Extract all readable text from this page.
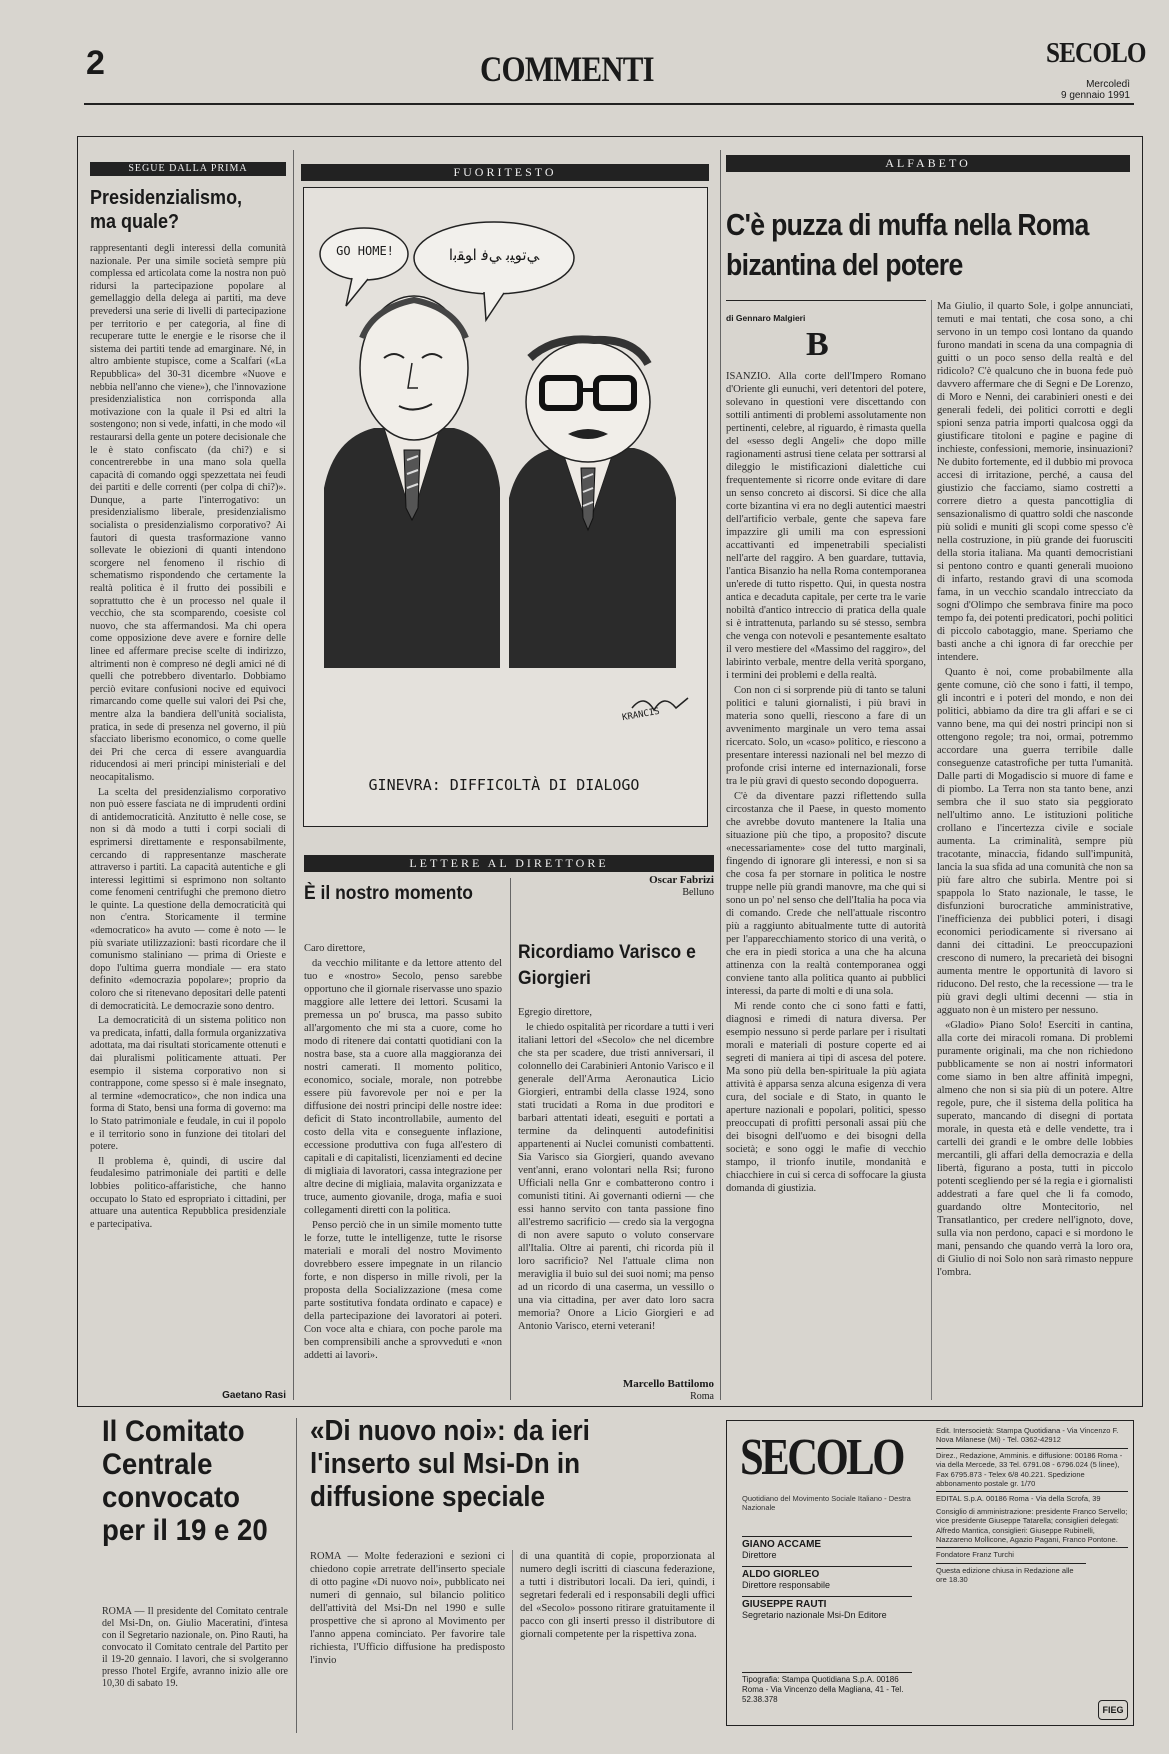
2	COMMENTI	SECOLO
Mercoledì
9 gennaio 1991
SEGUE DALLA PRIMA
Presidenzialismo, ma quale?

rappresentanti degli interessi della comunità nazionale. Per una simile società sempre più complessa ed articolata come la nostra non può ridursi la partecipazione popolare al gemellaggio della delega ai partiti, ma deve prevedersi una serie di livelli di partecipazione per territorio e per categoria, al fine di recuperare tutte le energie e le risorse che il sistema dei partiti tende ad emarginare. Né, in altro ambiente stupisce, come a Scalfari («La Repubblica» del 30-31 dicembre «Nuove e nebbia nell'anno che viene»), che l'innovazione presidenzialistica non corrisponda alla motivazione con la quale il Psi ed altri la sostengono; non si vede, infatti, in che modo «il restaurarsi della gente un potere decisionale che le è stato confiscato (da chi?) e si concentrerebbe in una mano sola quella capacità di comando oggi spezzettata nei feudi dei partiti e delle correnti (per colpa di chi?)». Dunque, a parte l'interrogativo: un presidenzialismo liberale, presidenzialismo socialista o presidenzialismo corporativo? Ai fautori di questa trasformazione vanno sollevate le obiezioni di quanti intendono scorgere nel fenomeno il rischio di schematismo rispondendo che certamente la realtà politica è il frutto dei possibili e soprattutto che è un processo nel quale il vecchio, che sta scomparendo, coesiste col nuovo, che sta affermandosi. Ma chi opera come opposizione deve avere e fornire delle linee ed affermare precise scelte di indirizzo, altrimenti non è compreso né degli amici né di quelli che potrebbero diventarlo. Dobbiamo perciò evitare confusioni nocive ed equivoci rimarcando come quelle sui valori dei Psi che, mentre alza la bandiera dell'unità socialista, pratica, in sede di presenza nel governo, il più sfacciato liberismo economico, o come quelle dei Pri che cerca di essere avanguardia riducendosi ai meri principi ministeriali e del neocapitalismo.

La scelta del presidenzialismo corporativo non può essere fasciata ne di imprudenti ordini di antidemocraticità. Anzitutto è nelle cose, se non si dà modo a tutti i corpi sociali di esprimersi direttamente e responsabilmente, cercando di rappresentanze mascherate attraverso i partiti. La capacità autentiche e gli interessi legittimi si esprimono non soltanto come fenomeni centrifughi che premono dietro le quinte. La questione della democraticità qui non c'entra. Storicamente il termine «democratico» ha avuto — come è noto — le più svariate utilizzazioni: basti ricordare che il comunismo staliniano — prima di Orieste e dopo l'ultima guerra mondiale — era stato definito «democrazia popolare»; proprio da coloro che si ritenevano depositari delle patenti di democraticità. Le democrazie sono dentro.

La democraticità di un sistema politico non va predicata, infatti, dalla formula organizzativa adottata, ma dai risultati storicamente ottenuti e dai pluralismi politicamente attuati. Per esempio il sistema corporativo non si contrappone, come spesso si è male insegnato, al termine «democratico», che non indica una forma di Stato, bensì una forma di governo: ma lo Stato patrimoniale e feudale, in cui il popolo e il territorio sono in funzione dei titolari del potere.

Il problema è, quindi, di uscire dal feudalesimo patrimoniale dei partiti e delle lobbies politico-affaristiche, che hanno occupato lo Stato ed espropriato i cittadini, per attuare una autentica Repubblica presidenziale e partecipativa.

Gaetano Rasi
FUORITESTO
GO HOME!	ﻲﺗﻮﻴﺑ ﻲﻓ ﺍﻮﻘﺑﺍ
KRANCIS
GINEVRA: DIFFICOLTÀ DI DIALOGO
LETTERE AL DIRETTORE
È il nostro momento

Caro direttore,

da vecchio militante e da lettore attento del tuo e «nostro» Secolo, penso sarebbe opportuno che il giornale riservasse uno spazio maggiore alle lettere dei lettori. Scusami la premessa un po' brusca, ma passo subito all'argomento che mi sta a cuore, come ho modo di ritenere dai contatti quotidiani con la nostra base, sta a cuore alla maggioranza dei nostri camerati. Il momento politico, economico, sociale, morale, non potrebbe essere più favorevole per noi e per la diffusione dei nostri principi delle nostre idee: deficit di Stato incontrollabile, aumento del costo della vita e conseguente inflazione, eccessione produttiva con fuga all'estero di capitali e di capitalisti, licenziamenti ed decine di migliaia di lavoratori, cassa integrazione per altre decine di migliaia, malavita organizzata e truce, aumento giovanile, droga, mafia e suoi collegamenti diretti con la politica.

Penso perciò che in un simile momento tutte le forze, tutte le intelligenze, tutte le risorse materiali e morali del nostro Movimento dovrebbero essere impegnate in un rilancio forte, e non disperso in mille rivoli, per la proposta della Socializzazione (mesa come parte sostitutiva fondata ordinato e capace) e della partecipazione dei lavoratori ai poteri. Con voce alta e chiara, con poche parole ma ben comprensibili anche a sprovveduti e «non addetti ai lavori».

Oscar Fabrizi
Belluno
Ricordiamo Varisco e Giorgieri

Egregio direttore,

le chiedo ospitalità per ricordare a tutti i veri italiani lettori del «Secolo» che nel dicembre che sta per scadere, due tristi anniversari, il colonnello dei Carabinieri Antonio Varisco e il generale dell'Arma Aeronautica Licio Giorgieri, entrambi della classe 1924, sono stati trucidati a Roma in due proditori e barbari attentati ideati, eseguiti e portati a termine da delinquenti autodefinitisi appartenenti ai Nuclei comunisti combattenti. Sia Varisco sia Giorgieri, quando avevano vent'anni, erano volontari nella Rsi; furono Ufficiali nella Gnr e combatterono contro i comunisti titini. Ai governanti odierni — che essi hanno servito con tanta passione fino all'estremo sacrificio — credo sia la vergogna di non avere saputo o voluto conservare all'Italia. Oltre ai parenti, chi ricorda più il loro sacrificio? Nel l'attuale clima non meraviglia il buio sul dei suoi nomi; ma penso ad un ricordo di una caserma, un vessillo o una via cittadina, per aver dato loro sacra memoria? Onore a Licio Giorgieri e ad Antonio Varisco, eterni veterani!

Marcello Battilomo
Roma
ALFABETO
C'è puzza di muffa nella Roma bizantina del potere
di Gennaro Malgieri
B

ISANZIO. Alla corte dell'Impero Romano d'Oriente gli eunuchi, veri detentori del potere, solevano in questioni vere discettando con sottili antimenti di problemi assolutamente non pertinenti, celebre, al riguardo, è rimasta quella del «sesso degli Angeli» che dopo mille ragionamenti astrusi tiene celata per sottrarsi al dileggio le mistificazioni dialettiche cui frequentemente si ricorre onde evitare di dare un senso concreto ai discorsi. Si dice che alla corte bizantina vi era no degli autentici maestri dell'artificio verbale, gente che sapeva fare impazzire gli umili ma con espressioni accattivanti ed impenetrabili specialisti nell'arte del raggiro. A ben guardare, tuttavia, l'antica Bisanzio ha nella Roma contemporanea un'erede di tutto rispetto. Qui, in questa nostra antica e decaduta capitale, per certe tra le varie nobiltà d'antico intreccio di pratica della quale si è intrattenuta, parlando su sé stesso, sembra che venga con notevoli e pesantemente esaltato il vero mestiere del «Massimo del raggiro», del labirinto verbale, mentre della verità sporgano, i termini dei problemi e della realtà.

Con non ci si sorprende più di tanto se taluni politici e taluni giornalisti, i più bravi in materia sono quelli, riescono a fare di un avvenimento marginale un vero tema assai ricercato. Solo, un «caso» politico, e riescono a presentare interessi nazionali nel bel mezzo di profonde crisi interne ed internazionali, forse tra le più gravi di questo secondo dopoguerra.

C'è da diventare pazzi riflettendo sulla circostanza che il Paese, in questo momento che avrebbe dovuto mantenere la Italia una situazione più che tipo, a proposito? discute «necessariamente» cose del tutto marginali, fingendo di ignorare gli interessi, e non si sa che cosa fa per stornare in politica le nostre truppe nelle più grandi manovre, ma che qui si sono un po' nel senso che dell'Italia ha poca via di comando. Crede che nell'attuale riscontro più a raggiunto abitualmente tutte di autorità per l'apparecchiamento storico di una verità, o che era in piedi storica a una che ha alcuna attinenza con la realtà contemporanea oggi conviene tanto alla politica quanto ai pubblici interessi, da parte di molti e di una sola.

Mi rende conto che ci sono fatti e fatti, diagnosi e rimedi di natura diversa. Per esempio nessuno si perde parlare per i risultati morali e materiali di posture coperte ed ai segreti di maniera ai tipi di ascesa del potere. Ma sono più della ben-spirituale la più agiata attività è apparsa senza alcuna esigenza di vera cura, del sociale e di Stato, in quanto le aperture nazionali e popolari, politici, spesso preoccupati di profitti personali assai più che dei bisogni dell'uomo e dei bisogni della società; e sono oggi le mafie di vecchio stampo, il trionfo inutile, mondanità e chiacchiere in cui si cerca di soffocare la giusta domanda di giustizia.

Ma Giulio, il quarto Sole, i golpe annunciati, temuti e mai tentati, che cosa sono, a chi servono in un tempo così lontano da quando furono mandati in scena da una compagnia di guitti o un poco senso della realtà e del ridicolo? C'è qualcuno che in buona fede può davvero affermare che di Segni e De Lorenzo, di Moro e Nenni, dei carabinieri onesti e dei generali fedeli, dei politici corrotti e degli spioni senza patria importi qualcosa oggi da giustificare titoloni e pagine e pagine di inchieste, confessioni, memorie, insinuazioni? Ne dubito fortemente, ed il dubbio mi provoca accesi di irritazione, perché, a causa del giustizio che facciamo, siamo costretti a correre dietro a questa pancottiglia di sensazionalismo di quattro soldi che nasconde più solidi e muniti gli scopi come spesso c'è nella costruzione, in più grande dei fuorusciti della storia italiana. Ma quanti democristiani si pentono contro e quanti generali muoiono di infarto, restando gravi di una scomoda fama, in un vecchio scandalo intrecciato da sogni d'Olimpo che sembrava finire ma poco tempo fa, dei potenti predicatori, pochi politici di piccolo cabotaggio, mane. Speriamo che basti anche a chi ignora di far orecchie per intendere.

Quanto è noi, come probabilmente alla gente comune, ciò che sono i fatti, il tempo, gli incontri e i poteri del mondo, e non dei politici, abbiamo da dire tra gli affari e se ci vanno bene, ma qui dei nostri principi non si ottengono regole; tra noi, ormai, potremmo accordare una guerra terribile dalle conseguenze catastrofiche per tutta l'umanità. Dalle parti di Mogadiscio si muore di fame e di piombo. La Terra non sta tanto bene, anzi sembra che il suo stato sia peggiorato nell'ultimo anno. Le istituzioni politiche crollano e l'incertezza civile e sociale aumenta. La criminalità, sempre più tracotante, minaccia, fidando sull'impunità, lancia la sua sfida ad una comunità che non sa più fare altro che subirla. Mentre poi si spappola lo Stato nazionale, le tasse, le disfunzioni burocratiche amministrative, l'inefficienza dei pubblici poteri, i disagi economici periodicamente si riversano ai danni dei cittadini. Le preoccupazioni crescono di numero, la precarietà dei bisogni aumenta mentre le opportunità di lavoro si riducono. Del resto, che la recessione — tra le più gravi degli ultimi decenni — stia in agguato non è un mistero per nessuno.

«Gladio» Piano Solo! Eserciti in cantina, alla corte dei miracoli romana. Di problemi puramente originali, ma che non richiedono pubblicamente se non ai nostri informatori come siamo in ben altre affinità impegni, almeno che non si sia più di un potere. Altre regole, pure, che il sistema della politica ha superato, mancando di disegni di portata morale, in questa età e delle vendette, tra i cartelli dei grandi e le ombre delle lobbies mercantili, gli affari della democrazia e della libertà, figurano a posta, tutti in piccolo potenti scegliendo per sé la regia e i giornalisti addestrati a fare quel che li fa comodo, guardando oltre Montecitorio, nel Transatlantico, per credere nell'ignoto, dove, sulla via non perdono, capaci e si mordono le mani, pensando che quando verrà la loro ora, di Giulio di noi Solo non sarà rimasto neppure l'ombra.

Il Comitato Centrale convocato per il 19 e 20
ROMA — Il presidente del Comitato centrale del Msi-Dn, on. Giulio Maceratini, d'intesa con il Segretario nazionale, on. Pino Rauti, ha convocato il Comitato centrale del Partito per il 19-20 gennaio. I lavori, che si svolgeranno presso l'hotel Ergife, avranno inizio alle ore 10,30 di sabato 19.
«Di nuovo noi»: da ieri l'inserto sul Msi-Dn in diffusione speciale
ROMA — Molte federazioni e sezioni ci chiedono copie arretrate dell'inserto speciale di otto pagine «Di nuovo noi», pubblicato nei numeri di gennaio, sul bilancio politico dell'attività del Msi-Dn nel 1990 e sulle prospettive che si aprono al Movimento per l'anno appena cominciato. Per favorire tale richiesta, l'Ufficio diffusione ha predisposto l'invio
di una quantità di copie, proporzionata al numero degli iscritti di ciascuna federazione, a tutti i distributori locali. Da ieri, quindi, i segretari federali ed i responsabili degli uffici del «Secolo» possono ritirare gratuitamente il pacco con gli inserti presso il distributore di giornali competente per la rispettiva zona.
SECOLO
Quotidiano del Movimento Sociale Italiano - Destra Nazionale
GIANO ACCAME
Direttore
ALDO GIORLEO
Direttore responsabile
GIUSEPPE RAUTI
Segretario nazionale Msi-Dn Editore
Tipografia: Stampa Quotidiana S.p.A. 00186 Roma - Via Vincenzo della Magliana, 41 - Tel. 52.38.378
Edit. Intersocietà: Stampa Quotidiana - Via Vincenzo F. Nova Milanese (Mi) - Tel. 0362-42912
Direz., Redazione, Amminis. e diffusione: 00186 Roma - via della Mercede, 33 Tel. 6791.08 - 6796.024 (5 linee), Fax 6795.873 - Telex 6/8 40.221. Spedizione abbonamento postale gr. 1/70
EDITAL S.p.A. 00186 Roma - Via della Scrofa, 39
Consiglio di amministrazione: presidente Franco Servello; vice presidente Giuseppe Tatarella; consiglieri delegati: Alfredo Mantica, consiglieri: Giuseppe Rubinelli, Nazzareno Mollicone, Agazio Pagani, Franco Pontone.
Fondatore Franz Turchi
Questa edizione chiusa in Redazione alle ore 18.30
FIEG
